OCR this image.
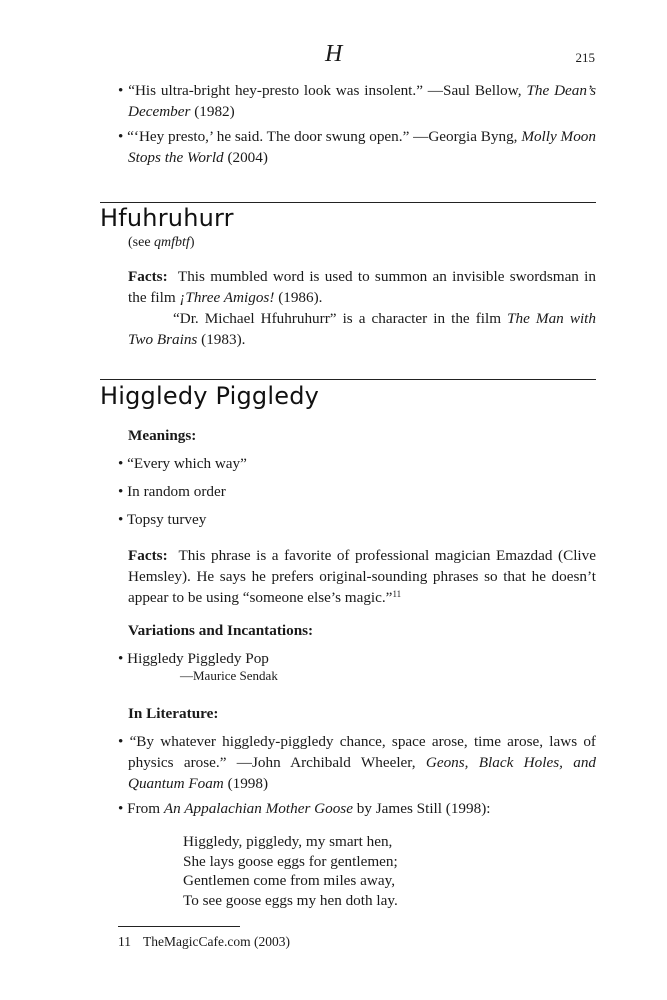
H	215
• “His ultra-bright hey-presto look was insolent.” —Saul Bellow, The Dean’s December (1982)
• “‘Hey presto,’ he said. The door swung open.” —Georgia Byng, Molly Moon Stops the World (2004)
Hfuhruhurr
(see qmfbtf)
Facts: This mumbled word is used to summon an invisible swordsman in the film ¡Three Amigos! (1986).
“Dr. Michael Hfuhruhurr” is a character in the film The Man with Two Brains (1983).
Higgledy Piggledy
Meanings:
• “Every which way”
• In random order
• Topsy turvey
Facts: This phrase is a favorite of professional magician Emazdad (Clive Hemsley). He says he prefers original-sounding phrases so that he doesn’t appear to be using “someone else’s magic.”$^{11}$
Variations and Incantations:
• Higgledy Piggledy Pop
—Maurice Sendak
In Literature:
• “By whatever higgledy-piggledy chance, space arose, time arose, laws of physics arose.” —John Archibald Wheeler, Geons, Black Holes, and Quantum Foam (1998)
• From An Appalachian Mother Goose by James Still (1998):
Higgledy, piggledy, my smart hen,
She lays goose eggs for gentlemen;
Gentlemen come from miles away,
To see goose eggs my hen doth lay.
11 TheMagicCafe.com (2003)
